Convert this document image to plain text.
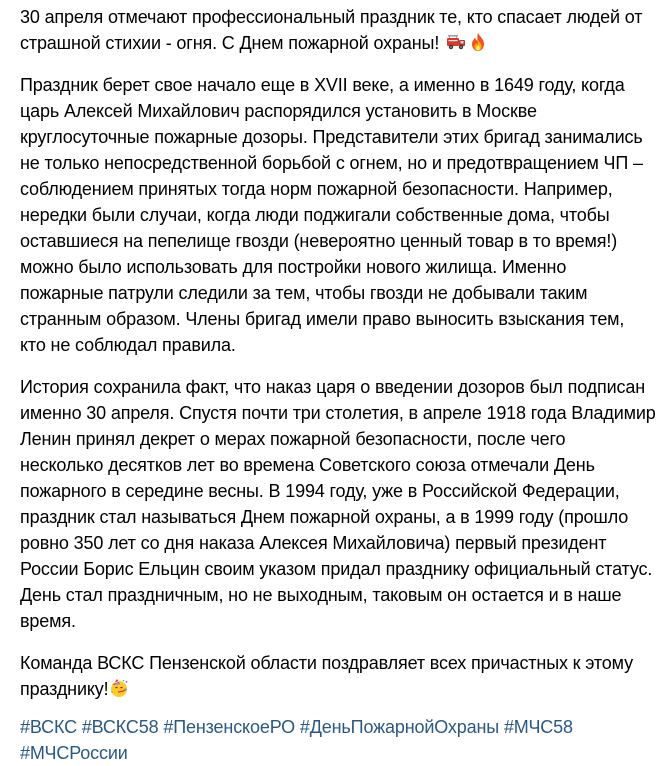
30 апреля отмечают профессиональный праздник те, кто спасает людей от
страшной стихии - огня. С Днем пожарной охраны!
Праздник берет свое начало еще в XVII веке, а именно в 1649 году, когда
царь Алексей Михайлович распорядился установить в Москве
круглосуточные пожарные дозоры. Представители этих бригад занимались
не только непосредственной борьбой с огнем, но и предотвращением ЧП –
соблюдением принятых тогда норм пожарной безопасности. Например,
нередки были случаи, когда люди поджигали собственные дома, чтобы
оставшиеся на пепелище гвозди (невероятно ценный товар в то время!)
можно было использовать для постройки нового жилища. Именно
пожарные патрули следили за тем, чтобы гвозди не добывали таким
странным образом. Члены бригад имели право выносить взыскания тем,
кто не соблюдал правила.
История сохранила факт, что наказ царя о введении дозоров был подписан
именно 30 апреля. Спустя почти три столетия, в апреле 1918 года Владимир
Ленин принял декрет о мерах пожарной безопасности, после чего
несколько десятков лет во времена Советского союза отмечали День
пожарного в середине весны. В 1994 году, уже в Российской Федерации,
праздник стал называться Днем пожарной охраны, а в 1999 году (прошло
ровно 350 лет со дня наказа Алексея Михайловича) первый президент
России Борис Ельцин своим указом придал празднику официальный статус.
День стал праздничным, но не выходным, таковым он остается и в наше
время.
Команда ВСКС Пензенской области поздравляет всех причастных к этому
празднику!
#ВСКС #ВСКС58 #ПензенскоеРО #ДеньПожарнойОхраны #МЧС58
#МЧСРоссии
